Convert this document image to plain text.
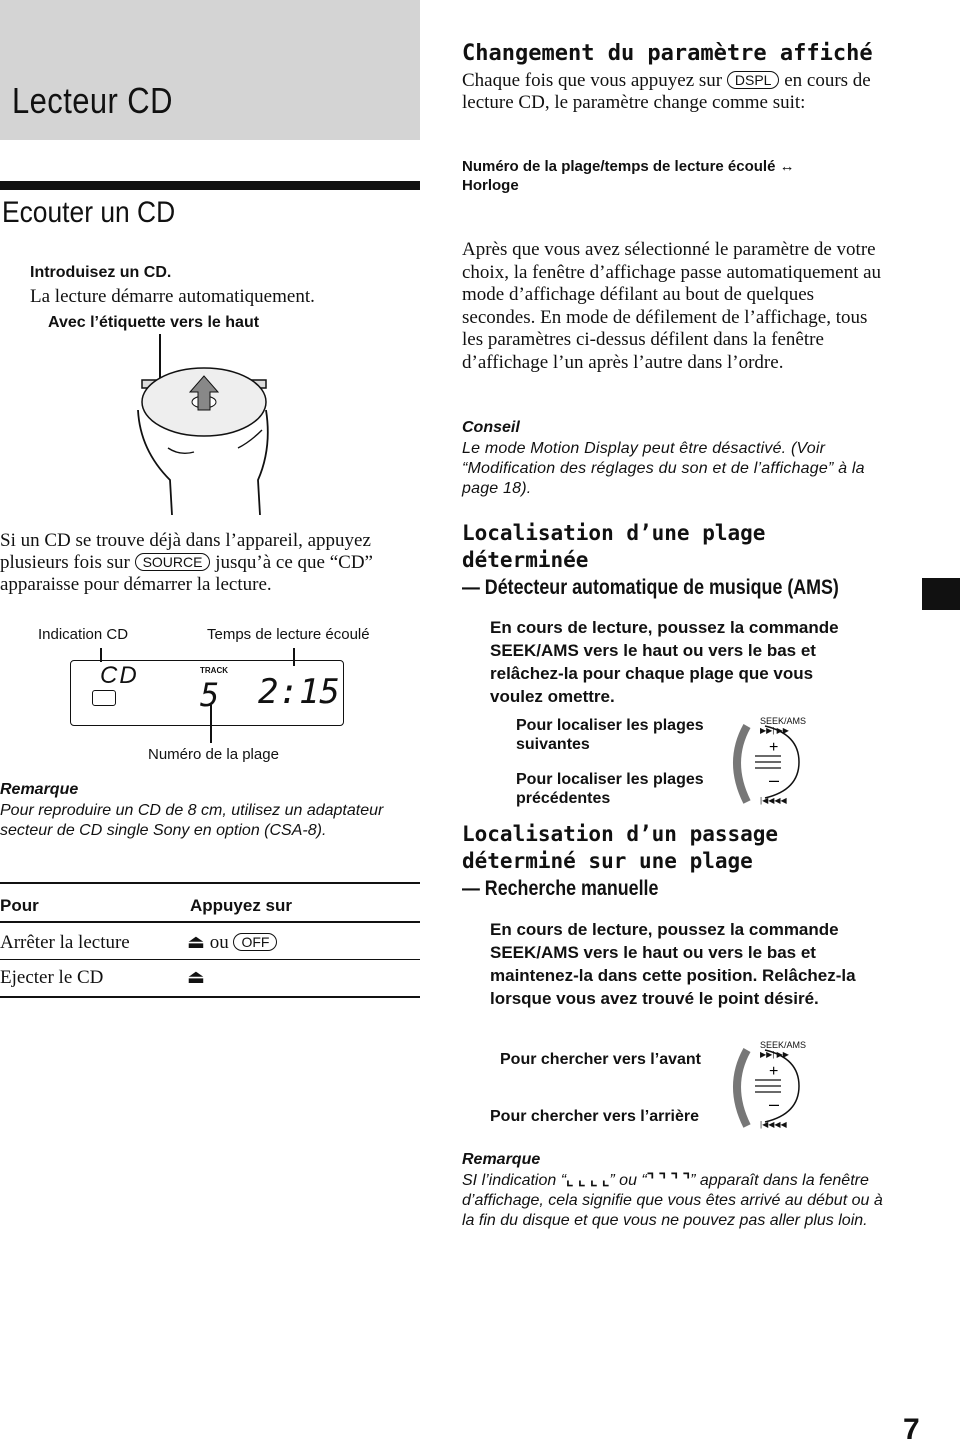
Lecteur CD
Ecouter un CD
Introduisez un CD.
La lecture démarre automatiquement.
Avec l’étiquette vers le haut
Si un CD se trouve déjà dans l’appareil, appuyez plusieurs fois sur SOURCE jusqu’à ce que “CD” apparaisse pour démarrer la lecture.
Indication CD	Temps de lecture écoulé
CD	TRACK
5 2:15
Numéro de la plage
Remarque
Pour reproduire un CD de 8 cm, utilisez un adaptateur secteur de CD single Sony en option (CSA-8).
Pour	Appuyez sur
Arrêter la lecture	⏏ ou OFF
Ejecter le CD	⏏
Changement du paramètre affiché
Chaque fois que vous appuyez sur DSPL en cours de lecture CD, le paramètre change comme suit:
Numéro de la plage/temps de lecture écoulé ↔
Horloge
Après que vous avez sélectionné le paramètre de votre choix, la fenêtre d’affichage passe automatiquement au mode d’affichage défilant au bout de quelques secondes. En mode de défilement de l’affichage, tous les paramètres ci-dessus défilent dans la fenêtre d’affichage l’un après l’autre dans l’ordre.
Conseil
Le mode Motion Display peut être désactivé. (Voir “Modification des réglages du son et de l’affichage” à la page 18).
Localisation d’une plage
déterminée
— Détecteur automatique de musique (AMS)
En cours de lecture, poussez la commande SEEK/AMS vers le haut ou vers le bas et relâchez-la pour chaque plage que vous voulez omettre.
Pour localiser les plages suivantes
Pour localiser les plages précédentes
+
–
SEEK/AMS
▶▶| ▶▶
|◀◀◀◀
Localisation d’un passage
déterminé sur une plage
— Recherche manuelle
En cours de lecture, poussez la commande SEEK/AMS vers le haut ou vers le bas et maintenez-la dans cette position. Relâchez-la lorsque vous avez trouvé le point désiré.
Pour chercher vers l’avant
Pour chercher vers l’arrière
+
–
SEEK/AMS
▶▶| ▶▶
|◀◀◀◀
Remarque
SI l’indication “⌞ ⌞ ⌞ ⌞” ou “⌝ ⌝ ⌝ ⌝” apparaît dans la fenêtre d’affichage, cela signifie que vous êtes arrivé au début ou à la fin du disque et que vous ne pouvez pas aller plus loin.
7
